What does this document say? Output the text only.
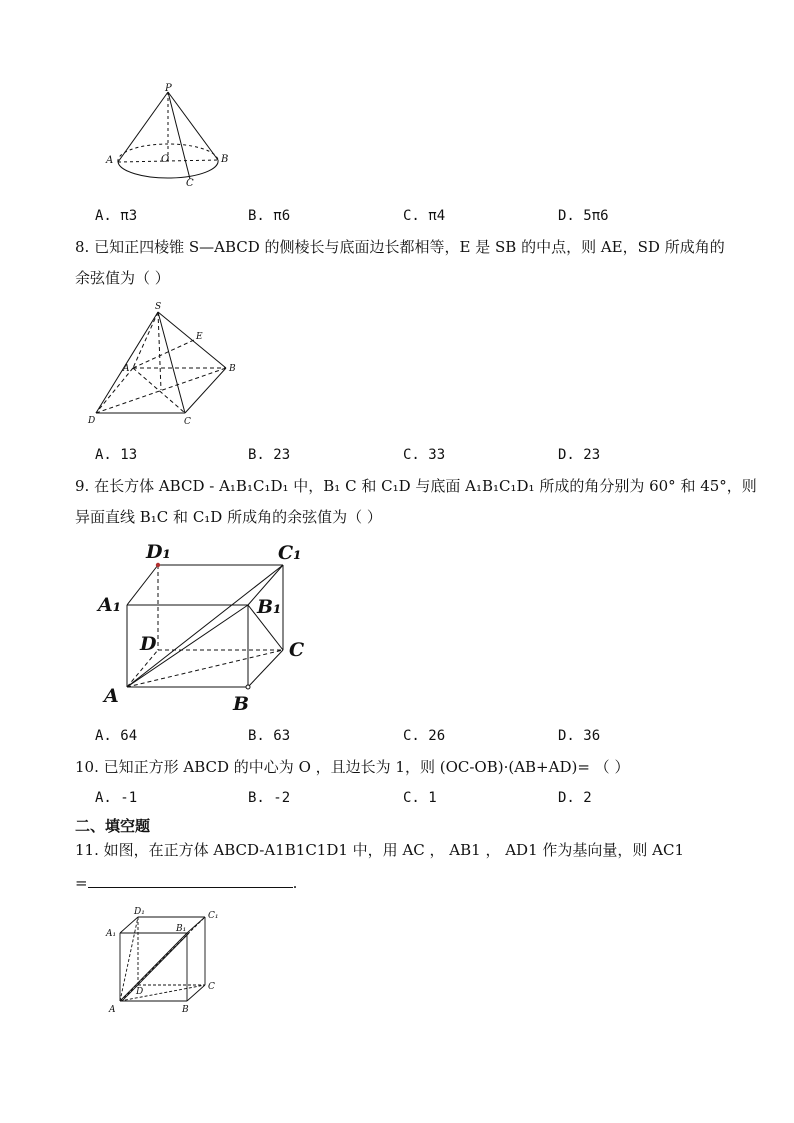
P
A	B
O
C
A. π3	B. π6	C. π4	D. 5π6
8. 已知正四棱锥 S—ABCD 的侧棱长与底面边长都相等，E 是 SB 的中点，则 AE，SD 所成角的
余弦值为（ ）
S
E
A	B
C
D
A. 13	B. 23	C. 33	D. 23
9. 在长方体 ABCD - A₁B₁C₁D₁ 中，B₁ C 和 C₁D 与底面 A₁B₁C₁D₁ 所成的角分别为 60° 和 45°，则
异面直线 B₁C 和 C₁D 所成角的余弦值为（ ）
D₁	C₁
A₁	B₁
D	C
A	B
A. 64	B. 63	C. 26	D. 36
10. 已知正方形 ABCD 的中心为 O ，且边长为 1，则 (OC-OB)·(AB+AD)= （ ）
A. -1	B. -2	C. 1	D. 2
二、填空题
11. 如图，在正方体 ABCD-A1B1C1D1 中，用 AC ， AB1 ， AD1 作为基向量，则 AC1
=	.
D₁	C₁
A₁	B₁
D	C
A	B
